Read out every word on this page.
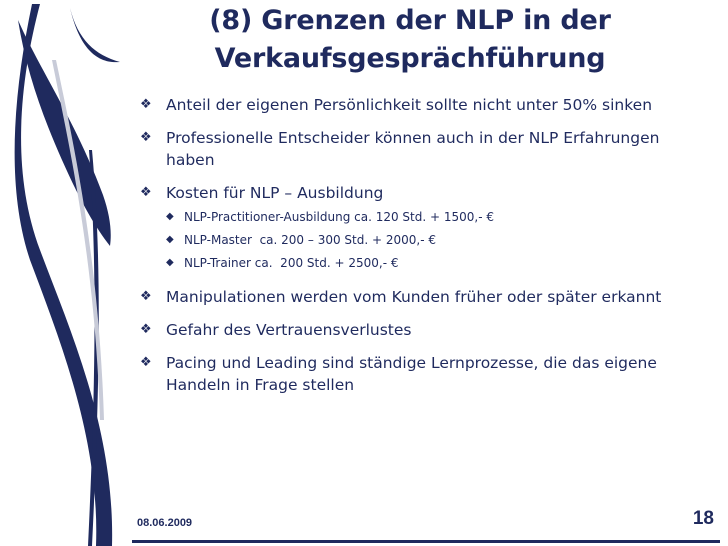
(8) Grenzen der NLP in der
Verkaufsgesprächführung
❖ Anteil der eigenen Persönlichkeit sollte nicht unter 50% sinken
❖ Professionelle Entscheider können auch in der NLP Erfahrungen haben
❖ Kosten für NLP – Ausbildung
◆ NLP-Practitioner-Ausbildung ca. 120 Std. + 1500,- €
◆ NLP-Master  ca. 200 – 300 Std. + 2000,- €
◆ NLP-Trainer ca.  200 Std. + 2500,- €
❖ Manipulationen werden vom Kunden früher oder später erkannt
❖ Gefahr des Vertrauensverlustes
❖ Pacing und Leading sind ständige Lernprozesse, die das eigene Handeln in Frage stellen
08.06.2009	18
